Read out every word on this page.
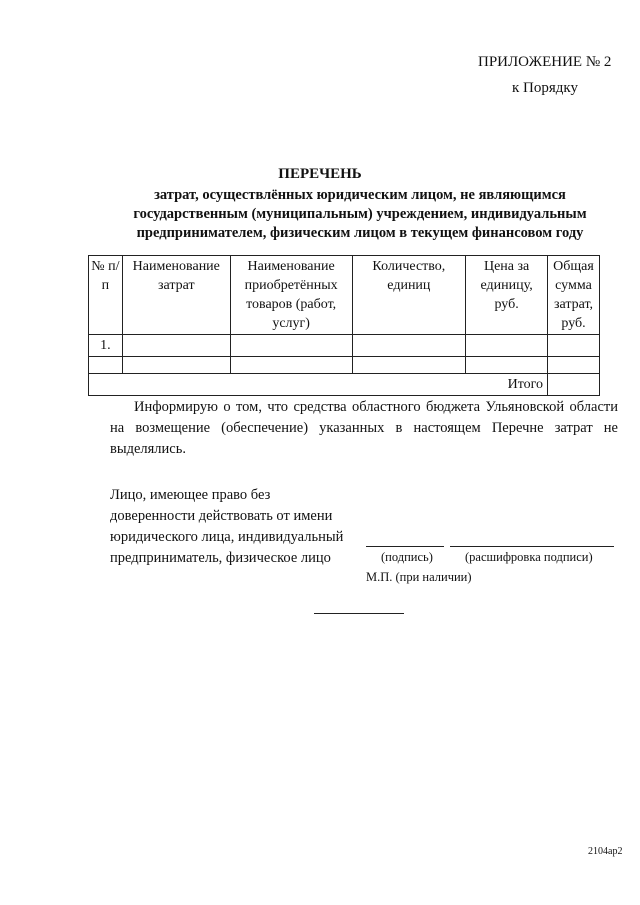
ПРИЛОЖЕНИЕ № 2
к Порядку
ПЕРЕЧЕНЬ
затрат, осуществлённых юридическим лицом, не являющимся государственным (муниципальным) учреждением, индивидуальным предпринимателем, физическим лицом в текущем финансовом году
№ п/п	Наименование затрат	Наименование приобретённых товаров (работ, услуг)	Количество, единиц	Цена за единицу, руб.	Общая сумма затрат, руб.
1.					

Итого					

Информирую о том, что средства областного бюджета Ульяновской области на возмещение (обеспечение) указанных в настоящем Перечне затрат не выделялись.

Лицо, имеющее право без доверенности действовать от имени юридического лица, индивидуальный предприниматель, физическое лицо	(подпись)	(расшифровка подписи)
М.П. (при наличии)
2104ар2
